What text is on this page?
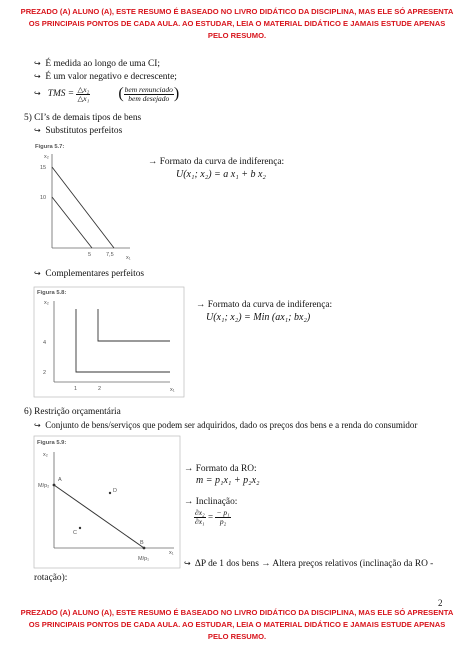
PREZADO (A) ALUNO (A), ESTE RESUMO É BASEADO NO LIVRO DIDÁTICO DA DISCIPLINA, MAS ELE SÓ APRESENTA
OS PRINCIPAIS PONTOS DE CADA AULA. AO ESTUDAR, LEIA O MATERIAL DIDÁTICO E JAMAIS ESTUDE APENAS
PELO RESUMO.
↪ É medida ao longo de uma CI;
↪ É um valor negativo e decrescente;
↪ TMS = $\frac{\text{△x₂}}{\text{△x₁}}$ ( $\frac{\text{bem renunciado}}{\text{bem desejado}}$ )
5) CI’s de demais tipos de bens
↪ Substitutos perfeitos
Figura 5.7:
x₂
x₁
15
10
5	7,5
→ Formato da curva de indiferença:
U(x₁; x₂) = a x₁ + b x₂
↪ Complementares perfeitos
Figura 5.8:
x₂
x₁
4
2
1	2
→ Formato da curva de indiferença:
U(x₁; x₂) = Min (ax₁; bx₂)
6) Restrição orçamentária
↪ Conjunto de bens/serviços que podem ser adquiridos, dado os preços dos bens e a renda do consumidor
Figura 5.9:
x₂
x₁
M/p₂
M/p₁
A
B
C
D
→ Formato da RO:
m = p₁x₁ + p₂x₂
→ Inclinação:
$\frac{\text{∂x₂}}{\text{∂x₁}} = \frac{\text{− p₁}}{\text{p₂}}$
↪ ΔP de 1 dos bens → Altera preços relativos (inclinação da RO -
rotação):
2
PREZADO (A) ALUNO (A), ESTE RESUMO É BASEADO NO LIVRO DIDÁTICO DA DISCIPLINA, MAS ELE SÓ APRESENTA
OS PRINCIPAIS PONTOS DE CADA AULA. AO ESTUDAR, LEIA O MATERIAL DIDÁTICO E JAMAIS ESTUDE APENAS
PELO RESUMO.
